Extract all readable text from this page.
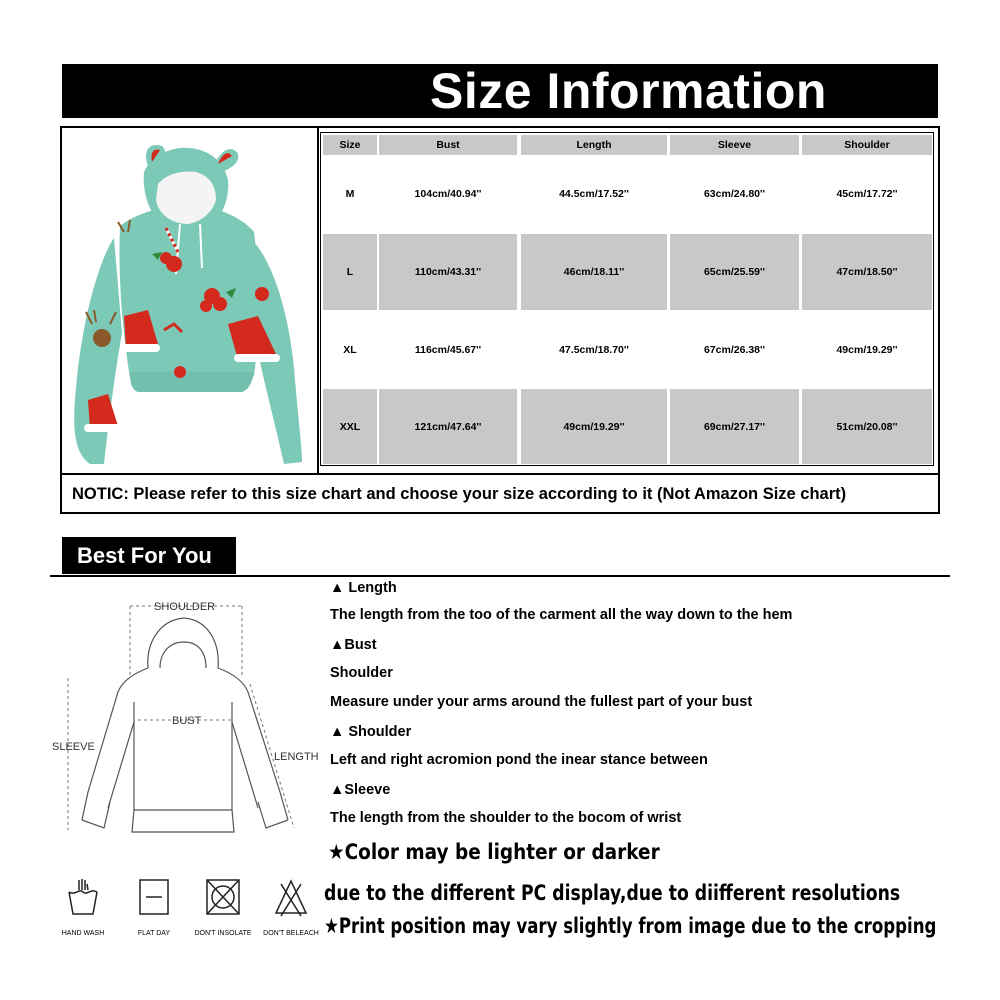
Size Information
NOTIC: Please refer to this size chart and choose your size according to it (Not Amazon Size chart)
Size	Bust	Length	Sleeve	Shoulder
M	104cm/40.94''	44.5cm/17.52''	63cm/24.80''	45cm/17.72''
L	110cm/43.31''	46cm/18.11''	65cm/25.59''	47cm/18.50''
XL	116cm/45.67''	47.5cm/18.70''	67cm/26.38''	49cm/19.29''
XXL	121cm/47.64''	49cm/19.29''	69cm/27.17''	51cm/20.08''
Best For You
SHOULDER
BUST
SLEEVE
LENGTH
▲ Length
The length from the too of the carment all the way down to the hem
▲Bust
Shoulder
Measure under your arms around the fullest part of your bust
▲ Shoulder
Left and right acromion pond the inear stance between
▲Sleeve
The length from the shoulder to the bocom of wrist
★Color may be lighter or darker
due to the different PC display,due to diifferent resolutions
★Print position may vary slightly from image due to the cropping
HAND WASH	FLAT DAY	DON'T INSOLATE	DON'T BELEACH
